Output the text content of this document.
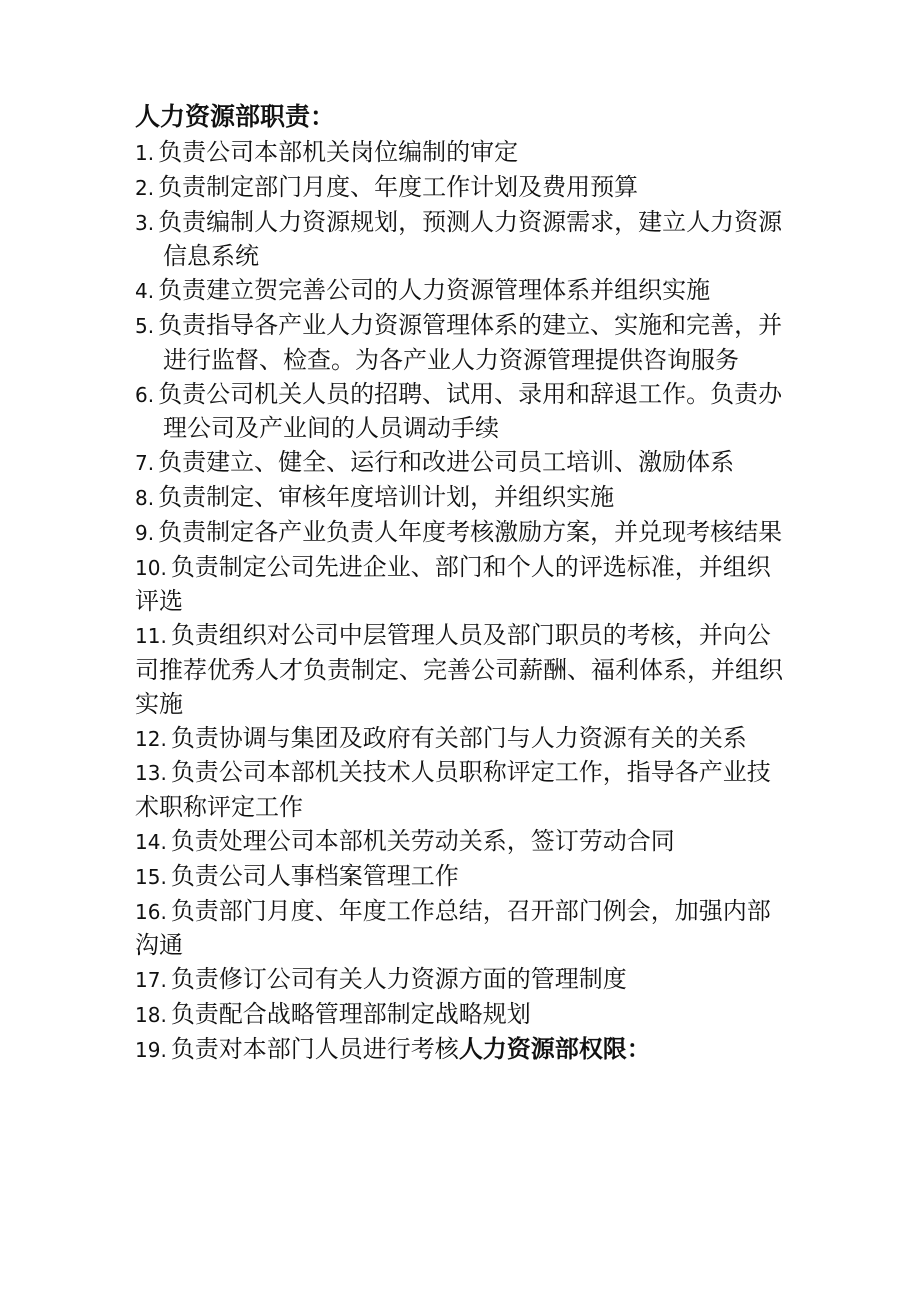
人力资源部职责：
1. 负责公司本部机关岗位编制的审定
2. 负责制定部门月度、年度工作计划及费用预算
3. 负责编制人力资源规划，预测人力资源需求，建立人力资源信息系统
4. 负责建立贺完善公司的人力资源管理体系并组织实施
5. 负责指导各产业人力资源管理体系的建立、实施和完善，并进行监督、检查。为各产业人力资源管理提供咨询服务
6. 负责公司机关人员的招聘、试用、录用和辞退工作。负责办理公司及产业间的人员调动手续
7. 负责建立、健全、运行和改进公司员工培训、激励体系
8. 负责制定、审核年度培训计划，并组织实施
9. 负责制定各产业负责人年度考核激励方案，并兑现考核结果
10. 负责制定公司先进企业、部门和个人的评选标准，并组织评选
11. 负责组织对公司中层管理人员及部门职员的考核，并向公司推荐优秀人才负责制定、完善公司薪酬、福利体系，并组织实施
12. 负责协调与集团及政府有关部门与人力资源有关的关系
13. 负责公司本部机关技术人员职称评定工作，指导各产业技术职称评定工作
14. 负责处理公司本部机关劳动关系，签订劳动合同
15. 负责公司人事档案管理工作
16. 负责部门月度、年度工作总结，召开部门例会，加强内部沟通
17. 负责修订公司有关人力资源方面的管理制度
18. 负责配合战略管理部制定战略规划
19. 负责对本部门人员进行考核人力资源部权限：
